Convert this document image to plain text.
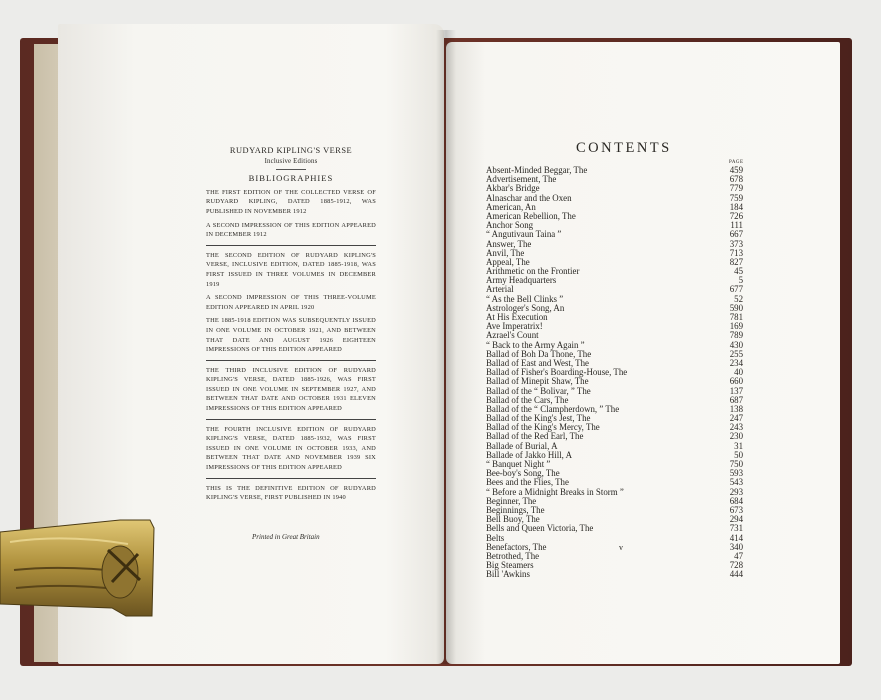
RUDYARD KIPLING'S VERSE
Inclusive Editions
BIBLIOGRAPHIES

THE FIRST EDITION OF THE COLLECTED VERSE OF RUDYARD KIPLING, DATED 1885-1912, WAS PUBLISHED IN NOVEMBER 1912

A SECOND IMPRESSION OF THIS EDITION APPEARED IN DECEMBER 1912

THE SECOND EDITION OF RUDYARD KIPLING'S VERSE, INCLUSIVE EDITION, DATED 1885-1918, WAS FIRST ISSUED IN THREE VOLUMES IN DECEMBER 1919

A SECOND IMPRESSION OF THIS THREE-VOLUME EDITION APPEARED IN APRIL 1920

THE 1885-1918 EDITION WAS SUBSEQUENTLY ISSUED IN ONE VOLUME IN OCTOBER 1921, AND BETWEEN THAT DATE AND AUGUST 1926 EIGHTEEN IMPRESSIONS OF THIS EDITION APPEARED

THE THIRD INCLUSIVE EDITION OF RUDYARD KIPLING'S VERSE, DATED 1885-1926, WAS FIRST ISSUED IN ONE VOLUME IN SEPTEMBER 1927, AND BETWEEN THAT DATE AND OCTOBER 1931 ELEVEN IMPRESSIONS OF THIS EDITION APPEARED

THE FOURTH INCLUSIVE EDITION OF RUDYARD KIPLING'S VERSE, DATED 1885-1932, WAS FIRST ISSUED IN ONE VOLUME IN OCTOBER 1933, AND BETWEEN THAT DATE AND NOVEMBER 1939 SIX IMPRESSIONS OF THIS EDITION APPEARED

THIS IS THE DEFINITIVE EDITION OF RUDYARD KIPLING'S VERSE, FIRST PUBLISHED IN 1940

Printed in Great Britain
CONTENTS
PAGE
Absent-Minded Beggar, The	459
Advertisement, The	678
Akbar's Bridge	779
Alnaschar and the Oxen	759
American, An	184
American Rebellion, The	726
Anchor Song	111
“ Angutivaun Taina ”	667
Answer, The	373
Anvil, The	713
Appeal, The	827
Arithmetic on the Frontier	45
Army Headquarters	5
Arterial	677
“ As the Bell Clinks ”	52
Astrologer's Song, An	590
At His Execution	781
Ave Imperatrix!	169
Azrael's Count	789
“ Back to the Army Again ”	430
Ballad of Boh Da Thone, The	255
Ballad of East and West, The	234
Ballad of Fisher's Boarding-House, The	40
Ballad of Minepit Shaw, The	660
Ballad of the “ Bolivar, ” The	137
Ballad of the Cars, The	687
Ballad of the “ Clampherdown, ” The	138
Ballad of the King's Jest, The	247
Ballad of the King's Mercy, The	243
Ballad of the Red Earl, The	230
Ballade of Burial, A	31
Ballade of Jakko Hill, A	50
“ Banquet Night ”	750
Bee-boy's Song, The	593
Bees and the Flies, The	543
“ Before a Midnight Breaks in Storm ”	293
Beginner, The	684
Beginnings, The	673
Bell Buoy, The	294
Bells and Queen Victoria, The	731
Belts	414
Benefactors, The	340
Betrothed, The	47
Big Steamers	728
Bill 'Awkins	444
v
